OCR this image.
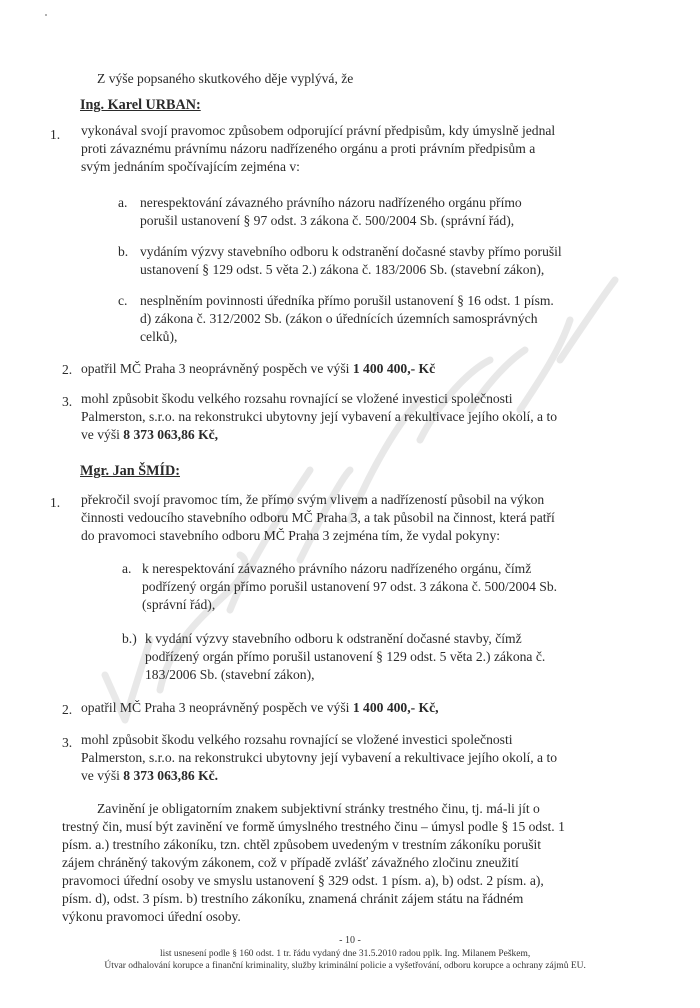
Z výše popsaného skutkového děje vyplývá, že
Ing. Karel URBAN:
1. vykonával svojí pravomoc způsobem odporující právní předpisům, kdy úmyslně jednal
proti závaznému právnímu názoru nadřízeného orgánu a proti právním předpisům a
svým jednáním spočívajícím zejména v:
a. nerespektování závazného právního názoru nadřízeného orgánu přímo
porušil ustanovení § 97 odst. 3 zákona č. 500/2004 Sb. (správní řád),
b. vydáním výzvy stavebního odboru k odstranění dočasné stavby přímo porušil
ustanovení § 129 odst. 5 věta 2.) zákona č. 183/2006 Sb. (stavební zákon),
c. nesplněním povinnosti úředníka přímo porušil ustanovení § 16 odst. 1 písm.
d) zákona č. 312/2002 Sb. (zákon o úřednících územních samosprávných
celků),
2. opatřil MČ Praha 3 neoprávněný pospěch ve výši 1 400 400,- Kč
3. mohl způsobit škodu velkého rozsahu rovnající se vložené investici společnosti
Palmerston, s.r.o. na rekonstrukci ubytovny její vybavení a rekultivace jejího okolí, a to
ve výši 8 373 063,86 Kč,
Mgr. Jan ŠMÍD:
1. překročil svojí pravomoc tím, že přímo svým vlivem a nadřízeností působil na výkon
činnosti vedoucího stavebního odboru MČ Praha 3, a tak působil na činnost, která patří
do pravomoci stavebního odboru MČ Praha 3 zejména tím, že vydal pokyny:
a. k nerespektování závazného právního názoru nadřízeného orgánu, čímž
podřízený orgán přímo porušil ustanovení 97 odst. 3 zákona č. 500/2004 Sb.
(správní řád),
b.) k vydání výzvy stavebního odboru k odstranění dočasné stavby, čímž
podřízený orgán přímo porušil ustanovení § 129 odst. 5 věta 2.) zákona č.
183/2006 Sb. (stavební zákon),
2. opatřil MČ Praha 3 neoprávněný pospěch ve výši 1 400 400,- Kč,
3. mohl způsobit škodu velkého rozsahu rovnající se vložené investici společnosti
Palmerston, s.r.o. na rekonstrukci ubytovny její vybavení a rekultivace jejího okolí, a to
ve výši 8 373 063,86 Kč.
Zavinění je obligatorním znakem subjektivní stránky trestného činu, tj. má-li jít o
trestný čin, musí být zavinění ve formě úmyslného trestného činu – úmysl podle § 15 odst. 1
písm. a.) trestního zákoníku, tzn. chtěl způsobem uvedeným v trestním zákoníku porušit
zájem chráněný takovým zákonem, což v případě zvlášť závažného zločinu zneužití
pravomoci úřední osoby ve smyslu ustanovení § 329 odst. 1 písm. a), b) odst. 2 písm. a),
písm. d), odst. 3 písm. b) trestního zákoníku, znamená chránit zájem státu na řádném
výkonu pravomoci úřední osoby.
- 10 -
list usnesení podle § 160 odst. 1 tr. řádu vydaný dne 31.5.2010 radou pplk. Ing. Milanem Peškem,
Útvar odhalování korupce a finanční kriminality, služby kriminální policie a vyšetřování, odboru korupce a ochrany zájmů EU.
